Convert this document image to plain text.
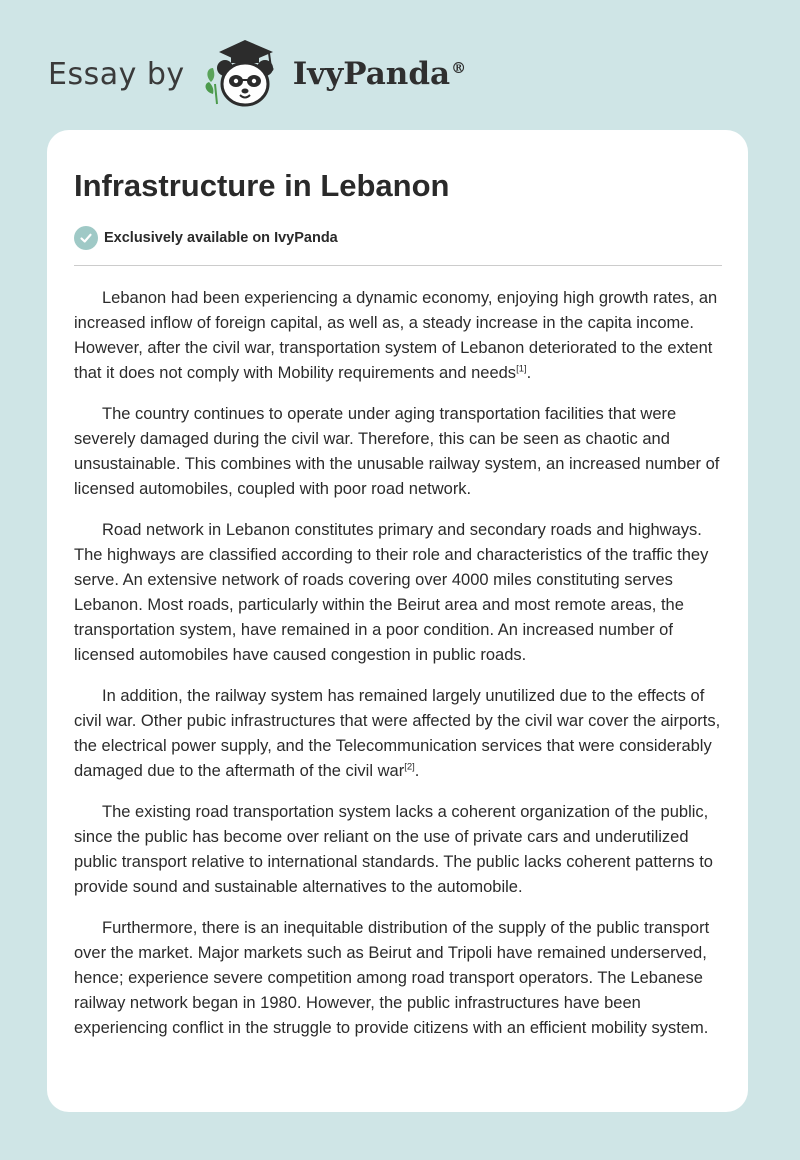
Essay by	IvyPanda®
Infrastructure in Lebanon
Exclusively available on IvyPanda

Lebanon had been experiencing a dynamic economy, enjoying high growth rates, an increased inflow of foreign capital, as well as, a steady increase in the capita income. However, after the civil war, transportation system of Lebanon deteriorated to the extent that it does not comply with Mobility requirements and needs[1].

The country continues to operate under aging transportation facilities that were severely damaged during the civil war. Therefore, this can be seen as chaotic and unsustainable. This combines with the unusable railway system, an increased number of licensed automobiles, coupled with poor road network.

Road network in Lebanon constitutes primary and secondary roads and highways. The highways are classified according to their role and characteristics of the traffic they serve. An extensive network of roads covering over 4000 miles constituting serves Lebanon. Most roads, particularly within the Beirut area and most remote areas, the transportation system, have remained in a poor condition. An increased number of licensed automobiles have caused congestion in public roads.

In addition, the railway system has remained largely unutilized due to the effects of civil war. Other pubic infrastructures that were affected by the civil war cover the airports, the electrical power supply, and the Telecommunication services that were considerably damaged due to the aftermath of the civil war[2].

The existing road transportation system lacks a coherent organization of the public, since the public has become over reliant on the use of private cars and underutilized public transport relative to international standards. The public lacks coherent patterns to provide sound and sustainable alternatives to the automobile.

Furthermore, there is an inequitable distribution of the supply of the public transport over the market. Major markets such as Beirut and Tripoli have remained underserved, hence; experience severe competition among road transport operators. The Lebanese railway network began in 1980. However, the public infrastructures have been experiencing conflict in the struggle to provide citizens with an efficient mobility system.
